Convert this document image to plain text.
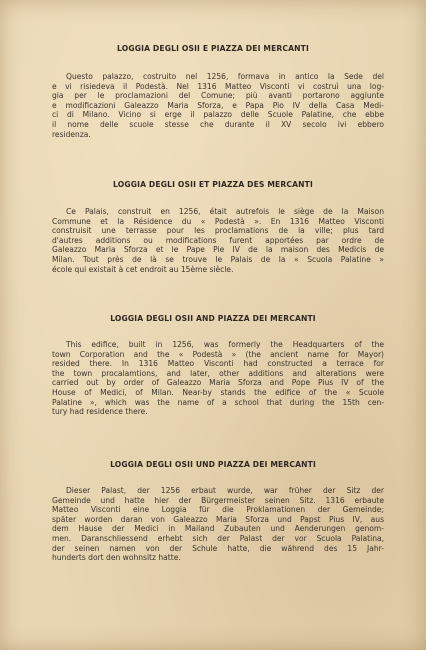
LOGGIA DEGLI OSII E PIAZZA DEI MERCANTI
Questo palazzo, costruito nel 1256, formava in antico la Sede del
e vi risiedeva il Podestà. Nel 1316 Matteo Visconti vi costruì una log-
gia per le proclamazioni del Comune; più avanti portarono aggiunte
e modificazioni Galeazzo Maria Sforza, e Papa Pio IV della Casa Medi-
ci di Milano. Vicino si erge il palazzo delle Scuole Palatine, che ebbe
il nome delle scuole stesse che durante il XV secolo ivi ebbero
residenza.
LOGGIA DEGLI OSII ET PIAZZA DES MERCANTI
Ce Palais, construit en 1256, était autrefois le siège de la Maison
Commune et la Résidence du « Podestà ». En 1316 Matteo Visconti
construisit une terrasse pour les proclamations de la ville; plus tard
d'autres additions ou modifications furent apportées par ordre de
Galeazzo Maria Sforza et le Pape Pie IV de la maison des Medicis de
Milan. Tout près de là se trouve le Palais de la « Scuola Palatine »
école qui existait à cet endroit au 15ème siècle.
LOGGIA DEGLI OSII AND PIAZZA DEI MERCANTI
This edifice, built in 1256, was formerly the Headquarters of the
town Corporation and the « Podestà » (the ancient name for Mayor)
resided there. In 1316 Matteo Visconti had constructed a terrace for
the town procalamtions, and later, other additions and alterations were
carried out by order of Galeazzo Maria Sforza and Pope Pius IV of the
House of Medici, of Milan. Near-by stands the edifice of the « Scuole
Palatine », which was the name of a school that during the 15th cen-
tury had residence there.
LOGGIA DEGLI OSII UND PIAZZA DEI MERCANTI
Dieser Palast, der 1256 erbaut wurde, war früher der Sitz der
Gemeinde und hatte hier der Bürgermeister seinen Sitz. 1316 erbaute
Matteo Visconti eine Loggia für die Proklamationen der Gemeinde;
später worden daran von Galeazzo Maria Sforza und Papst Pius IV, aus
dem Hause der Medici in Mailand Zubauten und Aenderungen genom-
men. Daranschliessend erhebt sich der Palast der vor Scuola Palatina,
der seinen namen von der Schule hatte, die während des 15 Jahr-
hunderts dort den wohnsitz hatte.
